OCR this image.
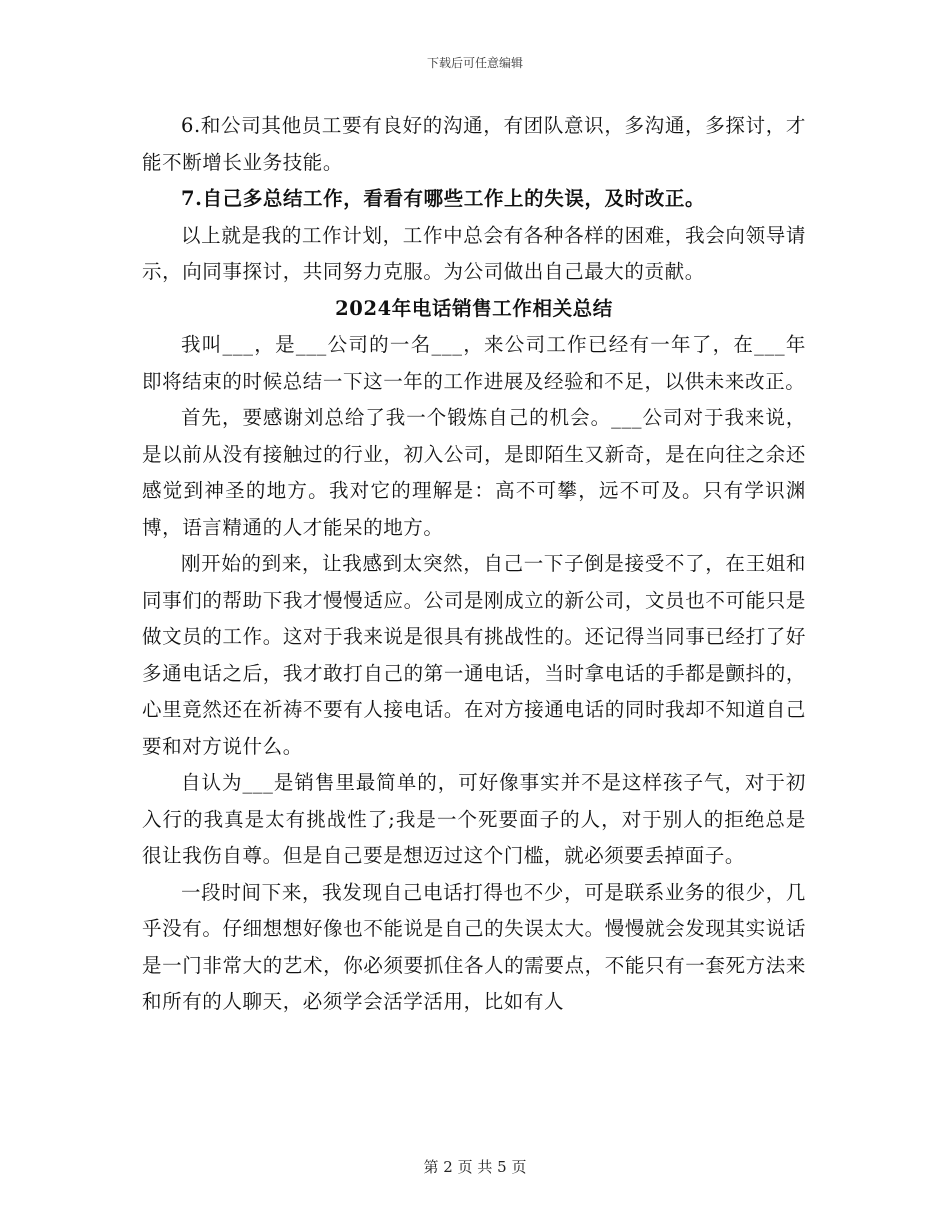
下载后可任意编辑

6.和公司其他员工要有良好的沟通，有团队意识，多沟通，多探讨，才能不断增长业务技能。

7.自己多总结工作，看看有哪些工作上的失误，及时改正。

以上就是我的工作计划，工作中总会有各种各样的困难，我会向领导请示，向同事探讨，共同努力克服。为公司做出自己最大的贡献。

2024年电话销售工作相关总结

我叫___，是___公司的一名___，来公司工作已经有一年了，在___年即将结束的时候总结一下这一年的工作进展及经验和不足，以供未来改正。

首先，要感谢刘总给了我一个锻炼自己的机会。___公司对于我来说，是以前从没有接触过的行业，初入公司，是即陌生又新奇，是在向往之余还感觉到神圣的地方。我对它的理解是：高不可攀，远不可及。只有学识渊博，语言精通的人才能呆的地方。

刚开始的到来，让我感到太突然，自己一下子倒是接受不了，在王姐和同事们的帮助下我才慢慢适应。公司是刚成立的新公司，文员也不可能只是做文员的工作。这对于我来说是很具有挑战性的。还记得当同事已经打了好多通电话之后，我才敢打自己的第一通电话，当时拿电话的手都是颤抖的，心里竟然还在祈祷不要有人接电话。在对方接通电话的同时我却不知道自己要和对方说什么。

自认为___是销售里最简单的，可好像事实并不是这样孩子气，对于初入行的我真是太有挑战性了;我是一个死要面子的人，对于别人的拒绝总是很让我伤自尊。但是自己要是想迈过这个门槛，就必须要丢掉面子。

一段时间下来，我发现自己电话打得也不少，可是联系业务的很少，几乎没有。仔细想想好像也不能说是自己的失误太大。慢慢就会发现其实说话是一门非常大的艺术，你必须要抓住各人的需要点，不能只有一套死方法来和所有的人聊天，必须学会活学活用，比如有人

第 2 页 共 5 页
